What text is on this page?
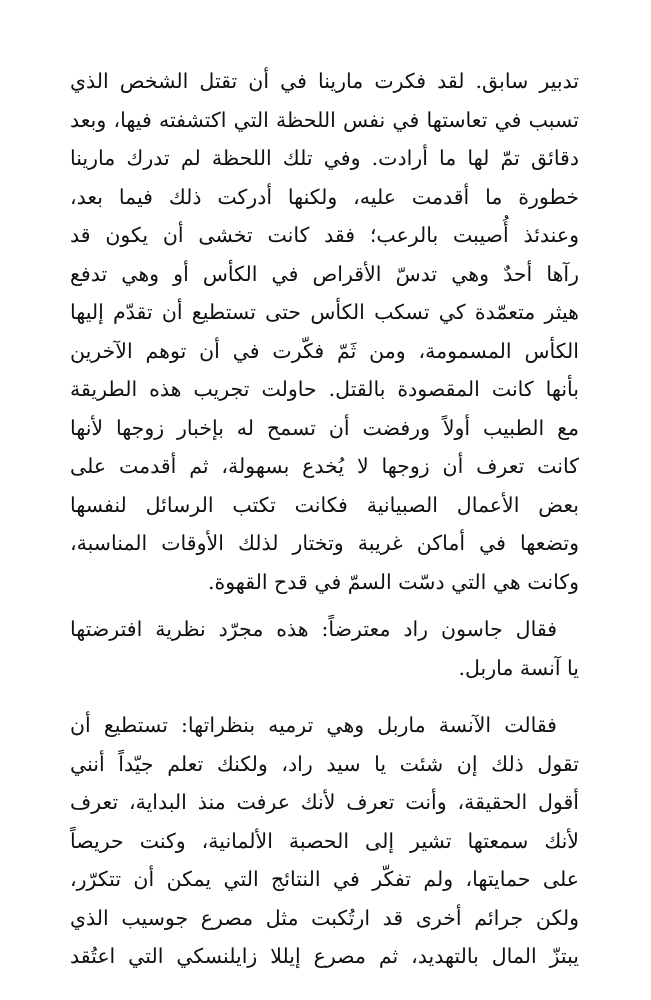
تدبير سابق. لقد فكرت مارينا في أن تقتل الشخص الذي
تسبب في تعاستها في نفس اللحظة التي اكتشفته فيها، وبعد
دقائق تمّ لها ما أرادت. وفي تلك اللحظة لم تدرك مارينا
خطورة ما أقدمت عليه، ولكنها أدركت ذلك فيما بعد،
وعندئذ أُصيبت بالرعب؛ فقد كانت تخشى أن يكون قد
رآها أحدٌ وهي تدسّ الأقراص في الكأس أو وهي تدفع
هيثر متعمّدة كي تسكب الكأس حتى تستطيع أن تقدّم إليها
الكأس المسمومة، ومن ثَمّ فكّرت في أن توهم الآخرين
بأنها كانت المقصودة بالقتل. حاولت تجريب هذه الطريقة
مع الطبيب أولاً ورفضت أن تسمح له بإخبار زوجها لأنها
كانت تعرف أن زوجها لا يُخدع بسهولة، ثم أقدمت على
بعض الأعمال الصبيانية فكانت تكتب الرسائل لنفسها
وتضعها في أماكن غريبة وتختار لذلك الأوقات المناسبة،
وكانت هي التي دسّت السمّ في قدح القهوة.
فقال جاسون راد معترضاً: هذه مجرّد نظرية افترضتها
يا آنسة ماربل.
فقالت الآنسة ماربل وهي ترميه بنظراتها: تستطيع أن
تقول ذلك إن شئت يا سيد راد، ولكنك تعلم جيّداً أنني
أقول الحقيقة، وأنت تعرف لأنك عرفت منذ البداية، تعرف
لأنك سمعتها تشير إلى الحصبة الألمانية، وكنت حريصاً
على حمايتها، ولم تفكّر في النتائج التي يمكن أن تتكرّر،
ولكن جرائم أخرى قد ارتُكبت مثل مصرع جوسيب الذي
يبتزّ المال بالتهديد، ثم مصرع إيللا زايلنسكي التي اعتُقد
